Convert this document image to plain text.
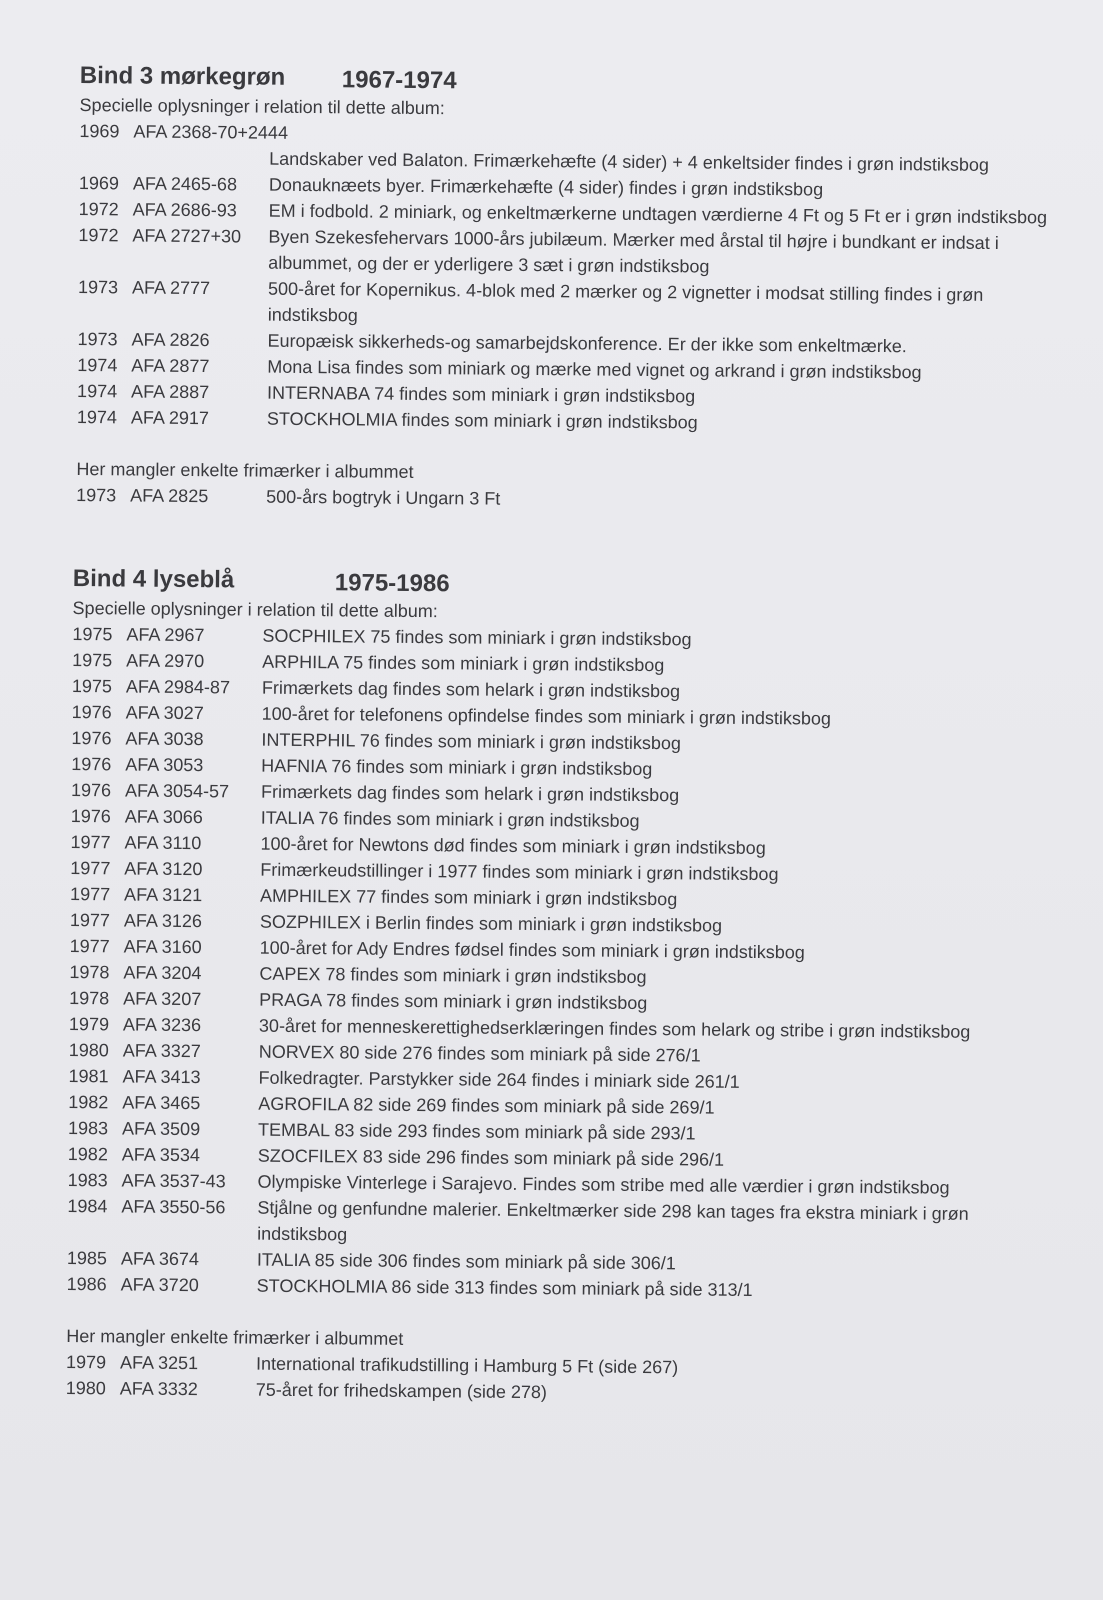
Bind 3 mørkegrøn 1967-1974
Specielle oplysninger i relation til dette album:
1969 AFA 2368-70+2444
Landskaber ved Balaton. Frimærkehæfte (4 sider) + 4 enkeltsider findes i grøn indstiksbog
1969 AFA 2465-68	Donauknæets byer. Frimærkehæfte (4 sider) findes i grøn indstiksbog
1972 AFA 2686-93	EM i fodbold. 2 miniark, og enkeltmærkerne undtagen værdierne 4 Ft og 5 Ft er i grøn indstiksbog
1972 AFA 2727+30	Byen Szekesfehervars 1000-års jubilæum. Mærker med årstal til højre i bundkant er indsat i albummet, og der er yderligere 3 sæt i grøn indstiksbog
1973 AFA 2777	500-året for Kopernikus. 4-blok med 2 mærker og 2 vignetter i modsat stilling findes i grøn indstiksbog
1973 AFA 2826	Europæisk sikkerheds-og samarbejdskonference. Er der ikke som enkeltmærke.
1974 AFA 2877	Mona Lisa findes som miniark og mærke med vignet og arkrand i grøn indstiksbog
1974 AFA 2887	INTERNABA 74 findes som miniark i grøn indstiksbog
1974 AFA 2917	STOCKHOLMIA findes som miniark i grøn indstiksbog
Her mangler enkelte frimærker i albummet
1973 AFA 2825	500-års bogtryk i Ungarn 3 Ft
Bind 4 lyseblå	1975-1986
Specielle oplysninger i relation til dette album:
1975 AFA 2967	SOCPHILEX 75 findes som miniark i grøn indstiksbog
1975 AFA 2970	ARPHILA 75 findes som miniark i grøn indstiksbog
1975 AFA 2984-87	Frimærkets dag findes som helark i grøn indstiksbog
1976 AFA 3027	100-året for telefonens opfindelse findes som miniark i grøn indstiksbog
1976 AFA 3038	INTERPHIL 76 findes som miniark i grøn indstiksbog
1976 AFA 3053	HAFNIA 76 findes som miniark i grøn indstiksbog
1976 AFA 3054-57	Frimærkets dag findes som helark i grøn indstiksbog
1976 AFA 3066	ITALIA 76 findes som miniark i grøn indstiksbog
1977 AFA 3110	100-året for Newtons død findes som miniark i grøn indstiksbog
1977 AFA 3120	Frimærkeudstillinger i 1977 findes som miniark i grøn indstiksbog
1977 AFA 3121	AMPHILEX 77 findes som miniark i grøn indstiksbog
1977 AFA 3126	SOZPHILEX i Berlin findes som miniark i grøn indstiksbog
1977 AFA 3160	100-året for Ady Endres fødsel findes som miniark i grøn indstiksbog
1978 AFA 3204	CAPEX 78 findes som miniark i grøn indstiksbog
1978 AFA 3207	PRAGA 78 findes som miniark i grøn indstiksbog
1979 AFA 3236	30-året for menneskerettighedserklæringen findes som helark og stribe i grøn indstiksbog
1980 AFA 3327	NORVEX 80 side 276 findes som miniark på side 276/1
1981 AFA 3413	Folkedragter. Parstykker side 264 findes i miniark side 261/1
1982 AFA 3465	AGROFILA 82 side 269 findes som miniark på side 269/1
1983 AFA 3509	TEMBAL 83 side 293 findes som miniark på side 293/1
1982 AFA 3534	SZOCFILEX 83 side 296 findes som miniark på side 296/1
1983 AFA 3537-43	Olympiske Vinterlege i Sarajevo. Findes som stribe med alle værdier i grøn indstiksbog
1984 AFA 3550-56	Stjålne og genfundne malerier. Enkeltmærker side 298 kan tages fra ekstra miniark i grøn indstiksbog
1985 AFA 3674	ITALIA 85 side 306 findes som miniark på side 306/1
1986 AFA 3720	STOCKHOLMIA 86 side 313 findes som miniark på side 313/1
Her mangler enkelte frimærker i albummet
1979 AFA 3251	International trafikudstilling i Hamburg 5 Ft (side 267)
1980 AFA 3332	75-året for frihedskampen (side 278)
